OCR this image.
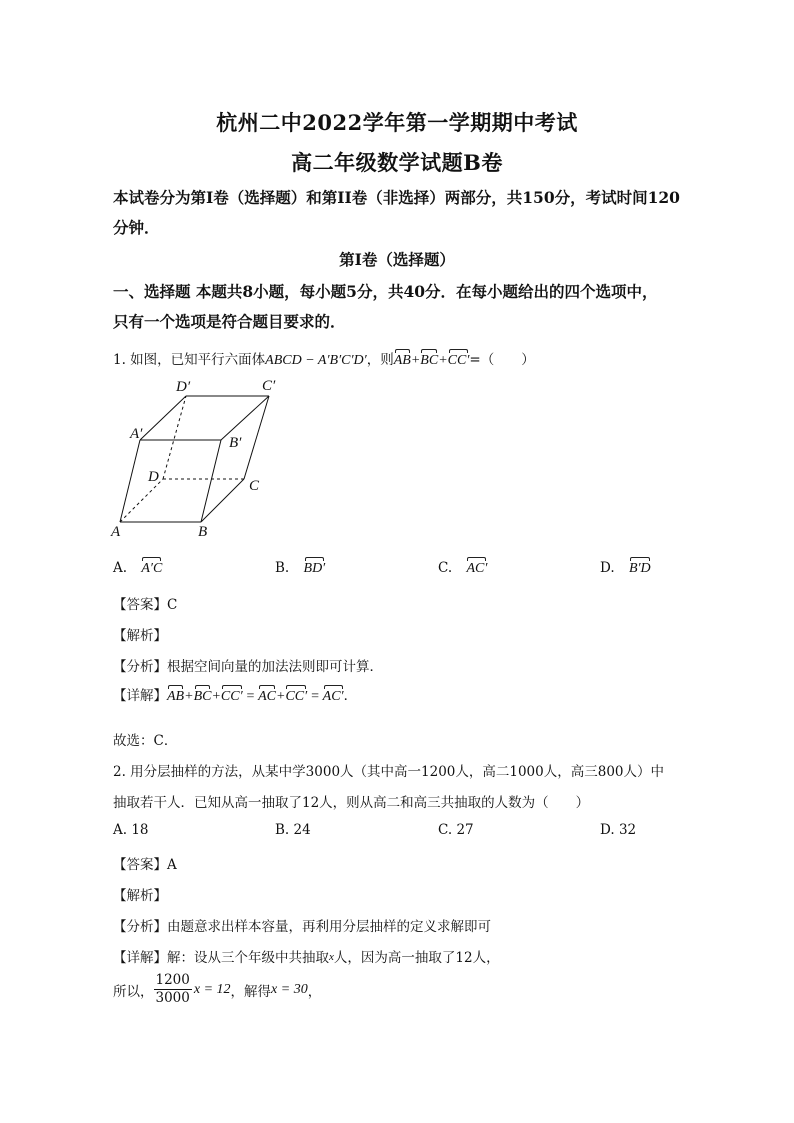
杭州二中2022学年第一学期期中考试
高二年级数学试题B卷
本试卷分为第I卷（选择题）和第II卷（非选择）两部分，共150分，考试时间120
分钟．
第I卷（选择题）
一、选择题 本题共8小题，每小题5分，共40分．在每小题给出的四个选项中，
只有一个选项是符合题目要求的．
1. 如图，已知平行六面体ABCD − A′B′C′D′，则AB+BC+CC′=（　　）
D′	C′
A′
B′
D
C
A	B
A. A′C	B. BD′	C. AC′	D. B′D
【答案】C
【解析】
【分析】根据空间向量的加法法则即可计算．
【详解】AB+BC+CC′ = AC+CC′ = AC′．
故选：C．
2. 用分层抽样的方法，从某中学3000人（其中高一1200人，高二1000人，高三800人）中
抽取若干人．已知从高一抽取了12人，则从高二和高三共抽取的人数为（　　）
A. 18	B. 24	C. 27	D. 32
【答案】A
【解析】
【分析】由题意求出样本容量，再利用分层抽样的定义求解即可
【详解】解：设从三个年级中共抽取x人，因为高一抽取了12人，
所以， $\frac{1200}{3000}$ x = 12 ，解得 x = 30 ，
